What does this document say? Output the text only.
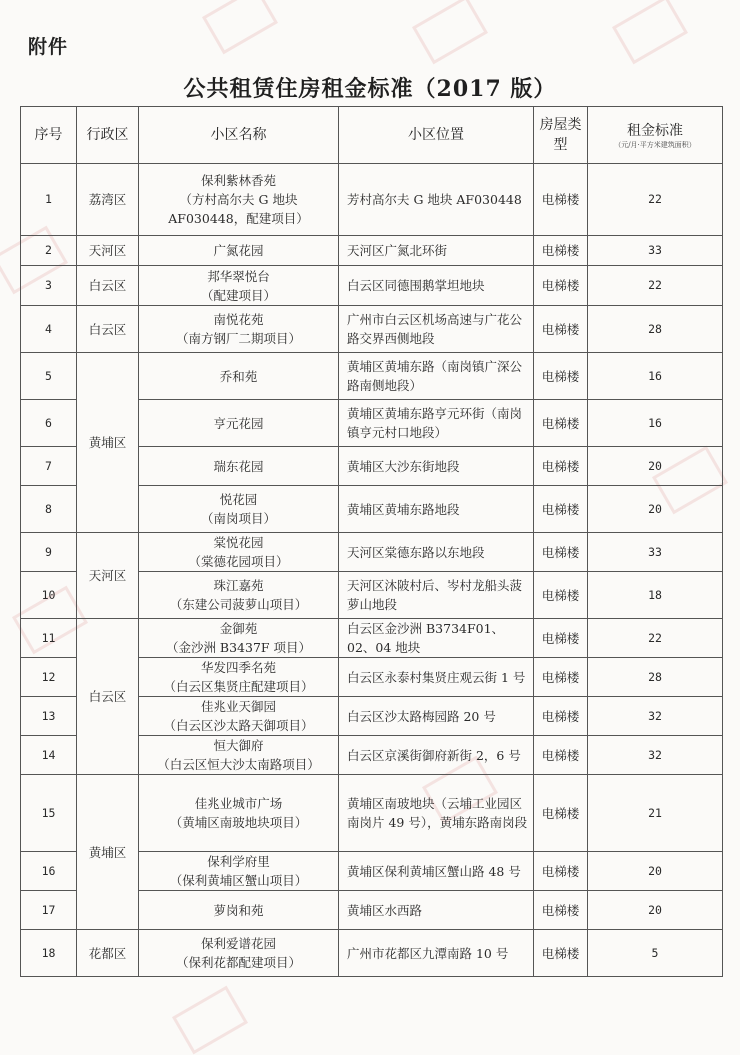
附件
公共租赁住房租金标准（2017 版）
序号	行政区	小区名称	小区位置	房屋类型	租金标准
（元/月·平方米建筑面积）

1	荔湾区	保利紫林香苑
（方村高尔夫 G 地块
AF030448，配建项目）	芳村高尔夫 G 地块 AF030448	电梯楼	22
2	天河区	广氮花园	天河区广氮北环街	电梯楼	33
3	白云区	邦华翠悦台
（配建项目）	白云区同德围鹅掌坦地块	电梯楼	22
4	白云区	南悦花苑
（南方钢厂二期项目）	广州市白云区机场高速与广花公路交界西侧地段	电梯楼	28
5	黄埔区	乔和苑	黄埔区黄埔东路（南岗镇广深公路南侧地段）	电梯楼	16
6		亨元花园	黄埔区黄埔东路亨元环街（南岗镇亨元村口地段）	电梯楼	16
7		瑞东花园	黄埔区大沙东街地段	电梯楼	20
8		悦花园
（南岗项目）	黄埔区黄埔东路地段	电梯楼	20
9	天河区	棠悦花园
（棠德花园项目）	天河区棠德东路以东地段	电梯楼	33
10		珠江嘉苑
（东建公司菠萝山项目）	天河区沐陂村后、岑村龙船头菠萝山地段	电梯楼	18
11	白云区	金御苑
（金沙洲 B3437F 项目）	白云区金沙洲 B3734F01、02、04 地块	电梯楼	22
12		华发四季名苑
（白云区集贤庄配建项目）	白云区永泰村集贤庄观云街 1 号	电梯楼	28
13		佳兆业天御园
（白云区沙太路天御项目）	白云区沙太路梅园路 20 号	电梯楼	32
14		恒大御府
（白云区恒大沙太南路项目）	白云区京溪街御府新街 2，6 号	电梯楼	32
15	黄埔区	佳兆业城市广场
（黄埔区南玻地块项目）	黄埔区南玻地块（云埔工业园区南岗片 49 号），黄埔东路南岗段	电梯楼	21
16		保利学府里
（保利黄埔区蟹山项目）	黄埔区保利黄埔区蟹山路 48 号	电梯楼	20
17		萝岗和苑	黄埔区水西路	电梯楼	20
18	花都区	保利爱谱花园
（保利花都配建项目）	广州市花都区九潭南路 10 号	电梯楼	5
